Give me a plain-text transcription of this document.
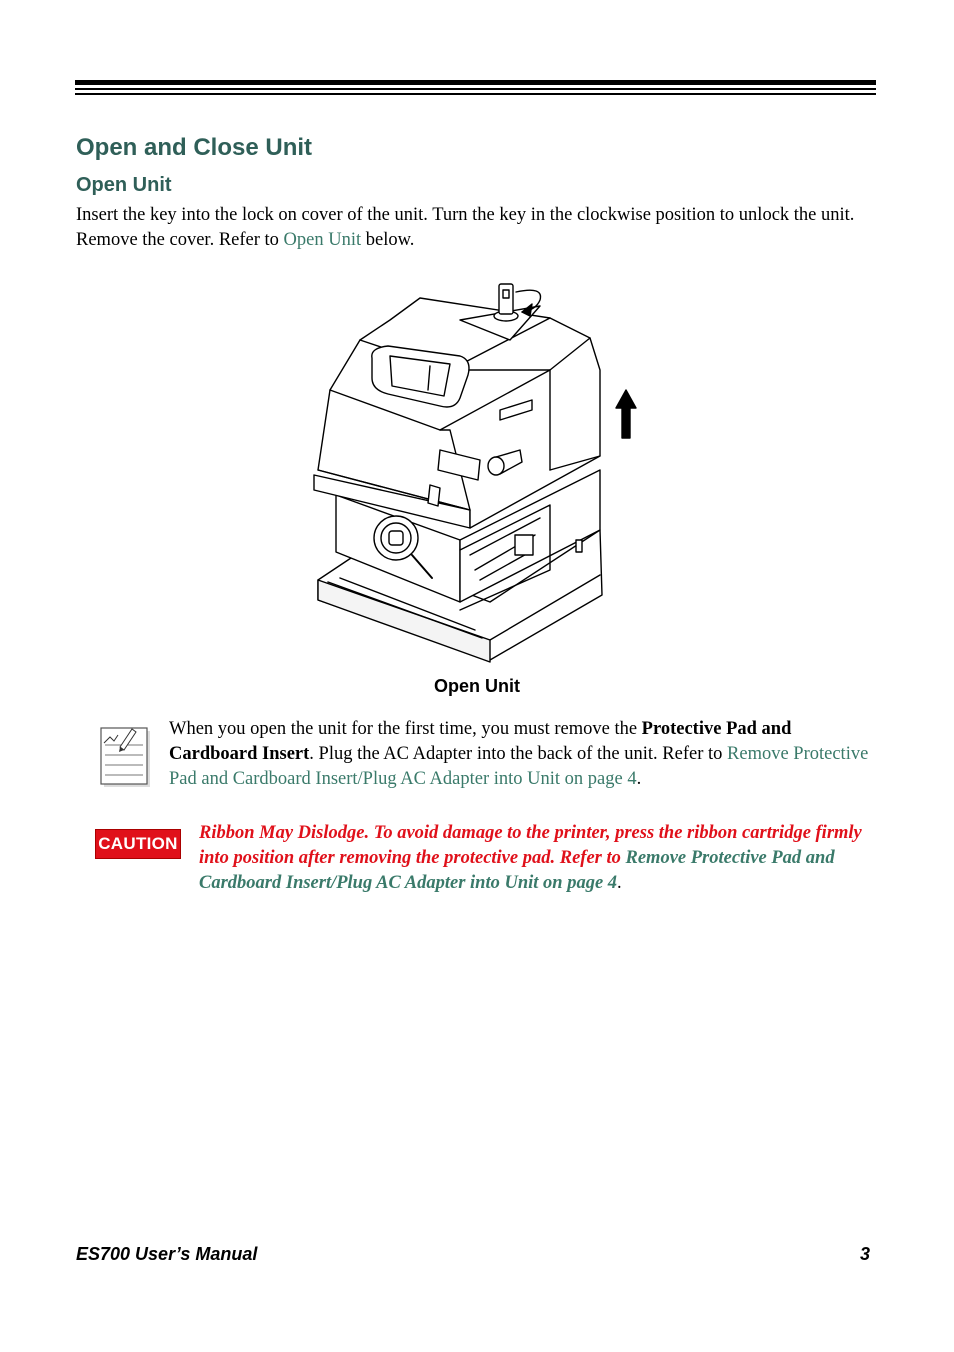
Open and Close Unit
Open Unit

Insert the key into the lock on cover of the unit. Turn the key in the clockwise position to unlock the unit. Remove the cover. Refer to Open Unit below.

Open Unit

When you open the unit for the first time, you must remove the Protective Pad and Cardboard Insert. Plug the AC Adapter into the back of the unit. Refer to Remove Protective Pad and Cardboard Insert/Plug AC Adapter into Unit on page 4.

CAUTION

Ribbon May Dislodge. To avoid damage to the printer, press the ribbon cartridge firmly into position after removing the protective pad. Refer to Remove Protective Pad and Cardboard Insert/Plug AC Adapter into Unit on page 4.

ES700 User’s Manual	3
